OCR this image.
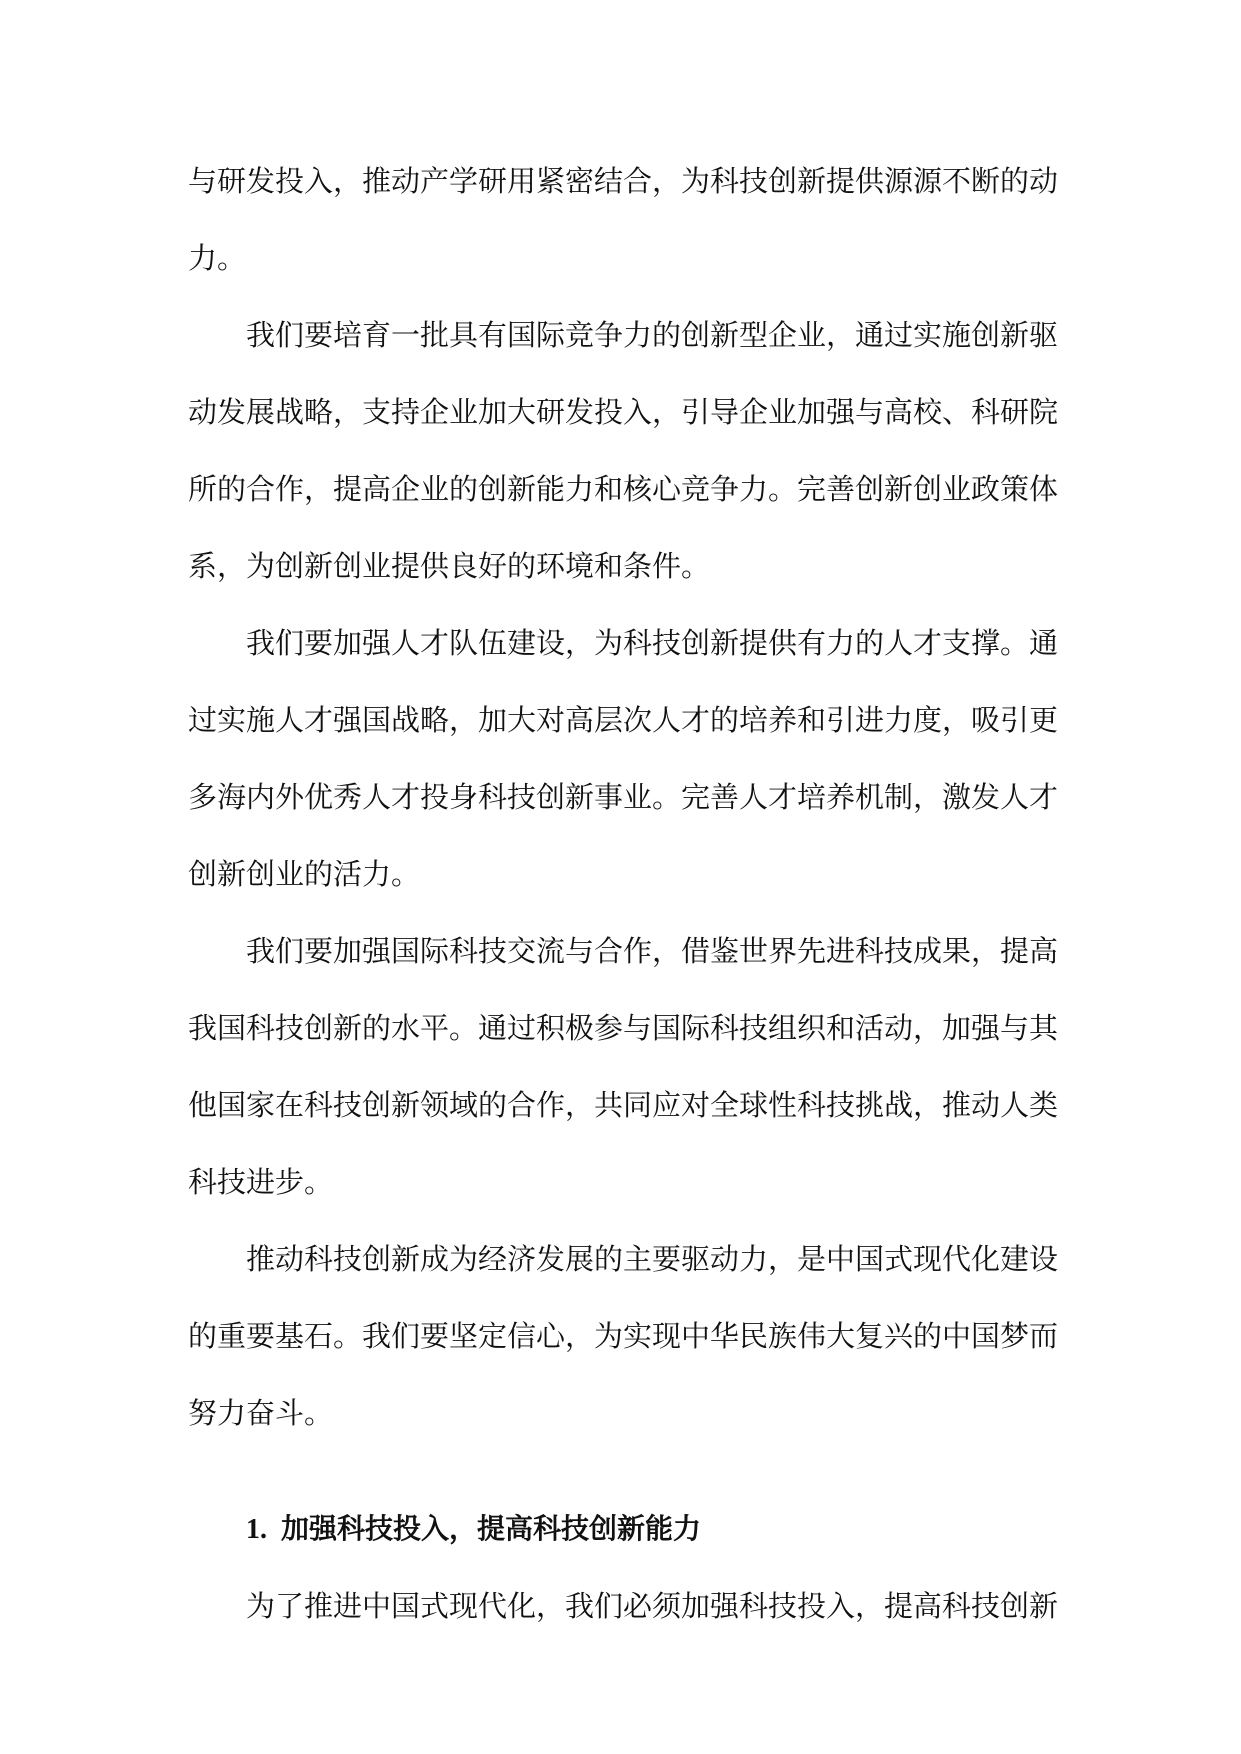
与研发投入，推动产学研用紧密结合，为科技创新提供源源不断的动力。

我们要培育一批具有国际竞争力的创新型企业，通过实施创新驱动发展战略，支持企业加大研发投入，引导企业加强与高校、科研院所的合作，提高企业的创新能力和核心竞争力。完善创新创业政策体系，为创新创业提供良好的环境和条件。

我们要加强人才队伍建设，为科技创新提供有力的人才支撑。通过实施人才强国战略，加大对高层次人才的培养和引进力度，吸引更多海内外优秀人才投身科技创新事业。完善人才培养机制，激发人才创新创业的活力。

我们要加强国际科技交流与合作，借鉴世界先进科技成果，提高我国科技创新的水平。通过积极参与国际科技组织和活动，加强与其他国家在科技创新领域的合作，共同应对全球性科技挑战，推动人类科技进步。

推动科技创新成为经济发展的主要驱动力，是中国式现代化建设的重要基石。我们要坚定信心，为实现中华民族伟大复兴的中国梦而努力奋斗。

1. 加强科技投入，提高科技创新能力

为了推进中国式现代化，我们必须加强科技投入，提高科技创新
